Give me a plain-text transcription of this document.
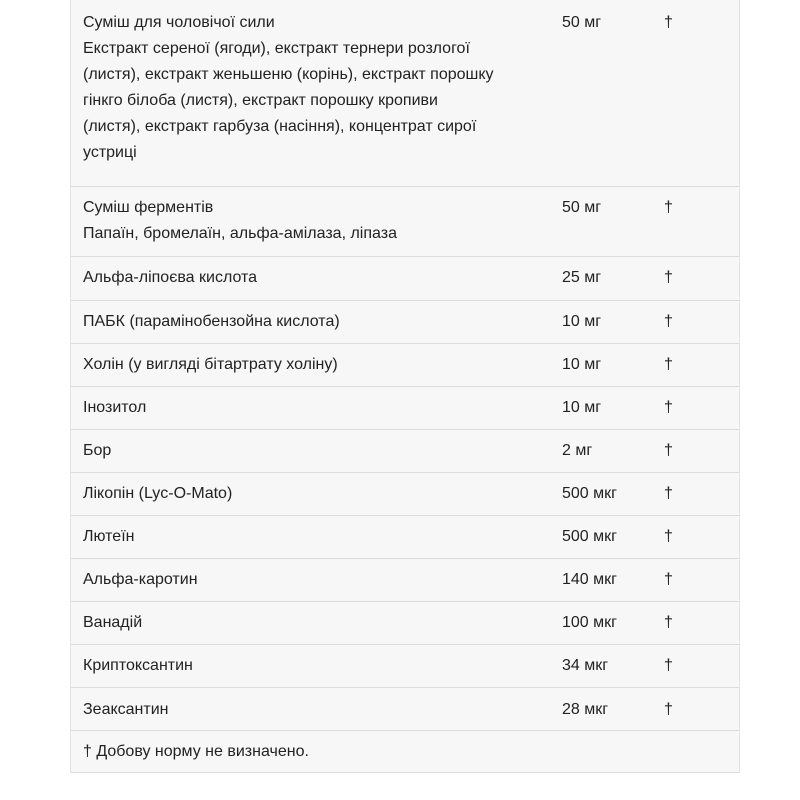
Суміш для чоловічої сили
Екстракт сереної (ягоди), екстракт тернери розлогої
(листя), екстракт женьшеню (корінь), екстракт порошку
гінкго білоба (листя), екстракт порошку кропиви
(листя), екстракт гарбуза (насіння), концентрат сирої
устриці
50 мг	†
Суміш ферментів
Папаїн, бромелаїн, альфа-амілаза, ліпаза
50 мг	†
Альфа-ліпоєва кислота	25 мг	†
ПАБК (парамінобензойна кислота)	10 мг	†
Холін (у вигляді бітартрату холіну)	10 мг	†
Інозитол	10 мг	†
Бор	2 мг	†
Лікопін (Lyc-O-Mato)	500 мкг	†
Лютеїн	500 мкг	†
Альфа-каротин	140 мкг	†
Ванадій	100 мкг	†
Криптоксантин	34 мкг	†
Зеаксантин	28 мкг	†
† Добову норму не визначено.
